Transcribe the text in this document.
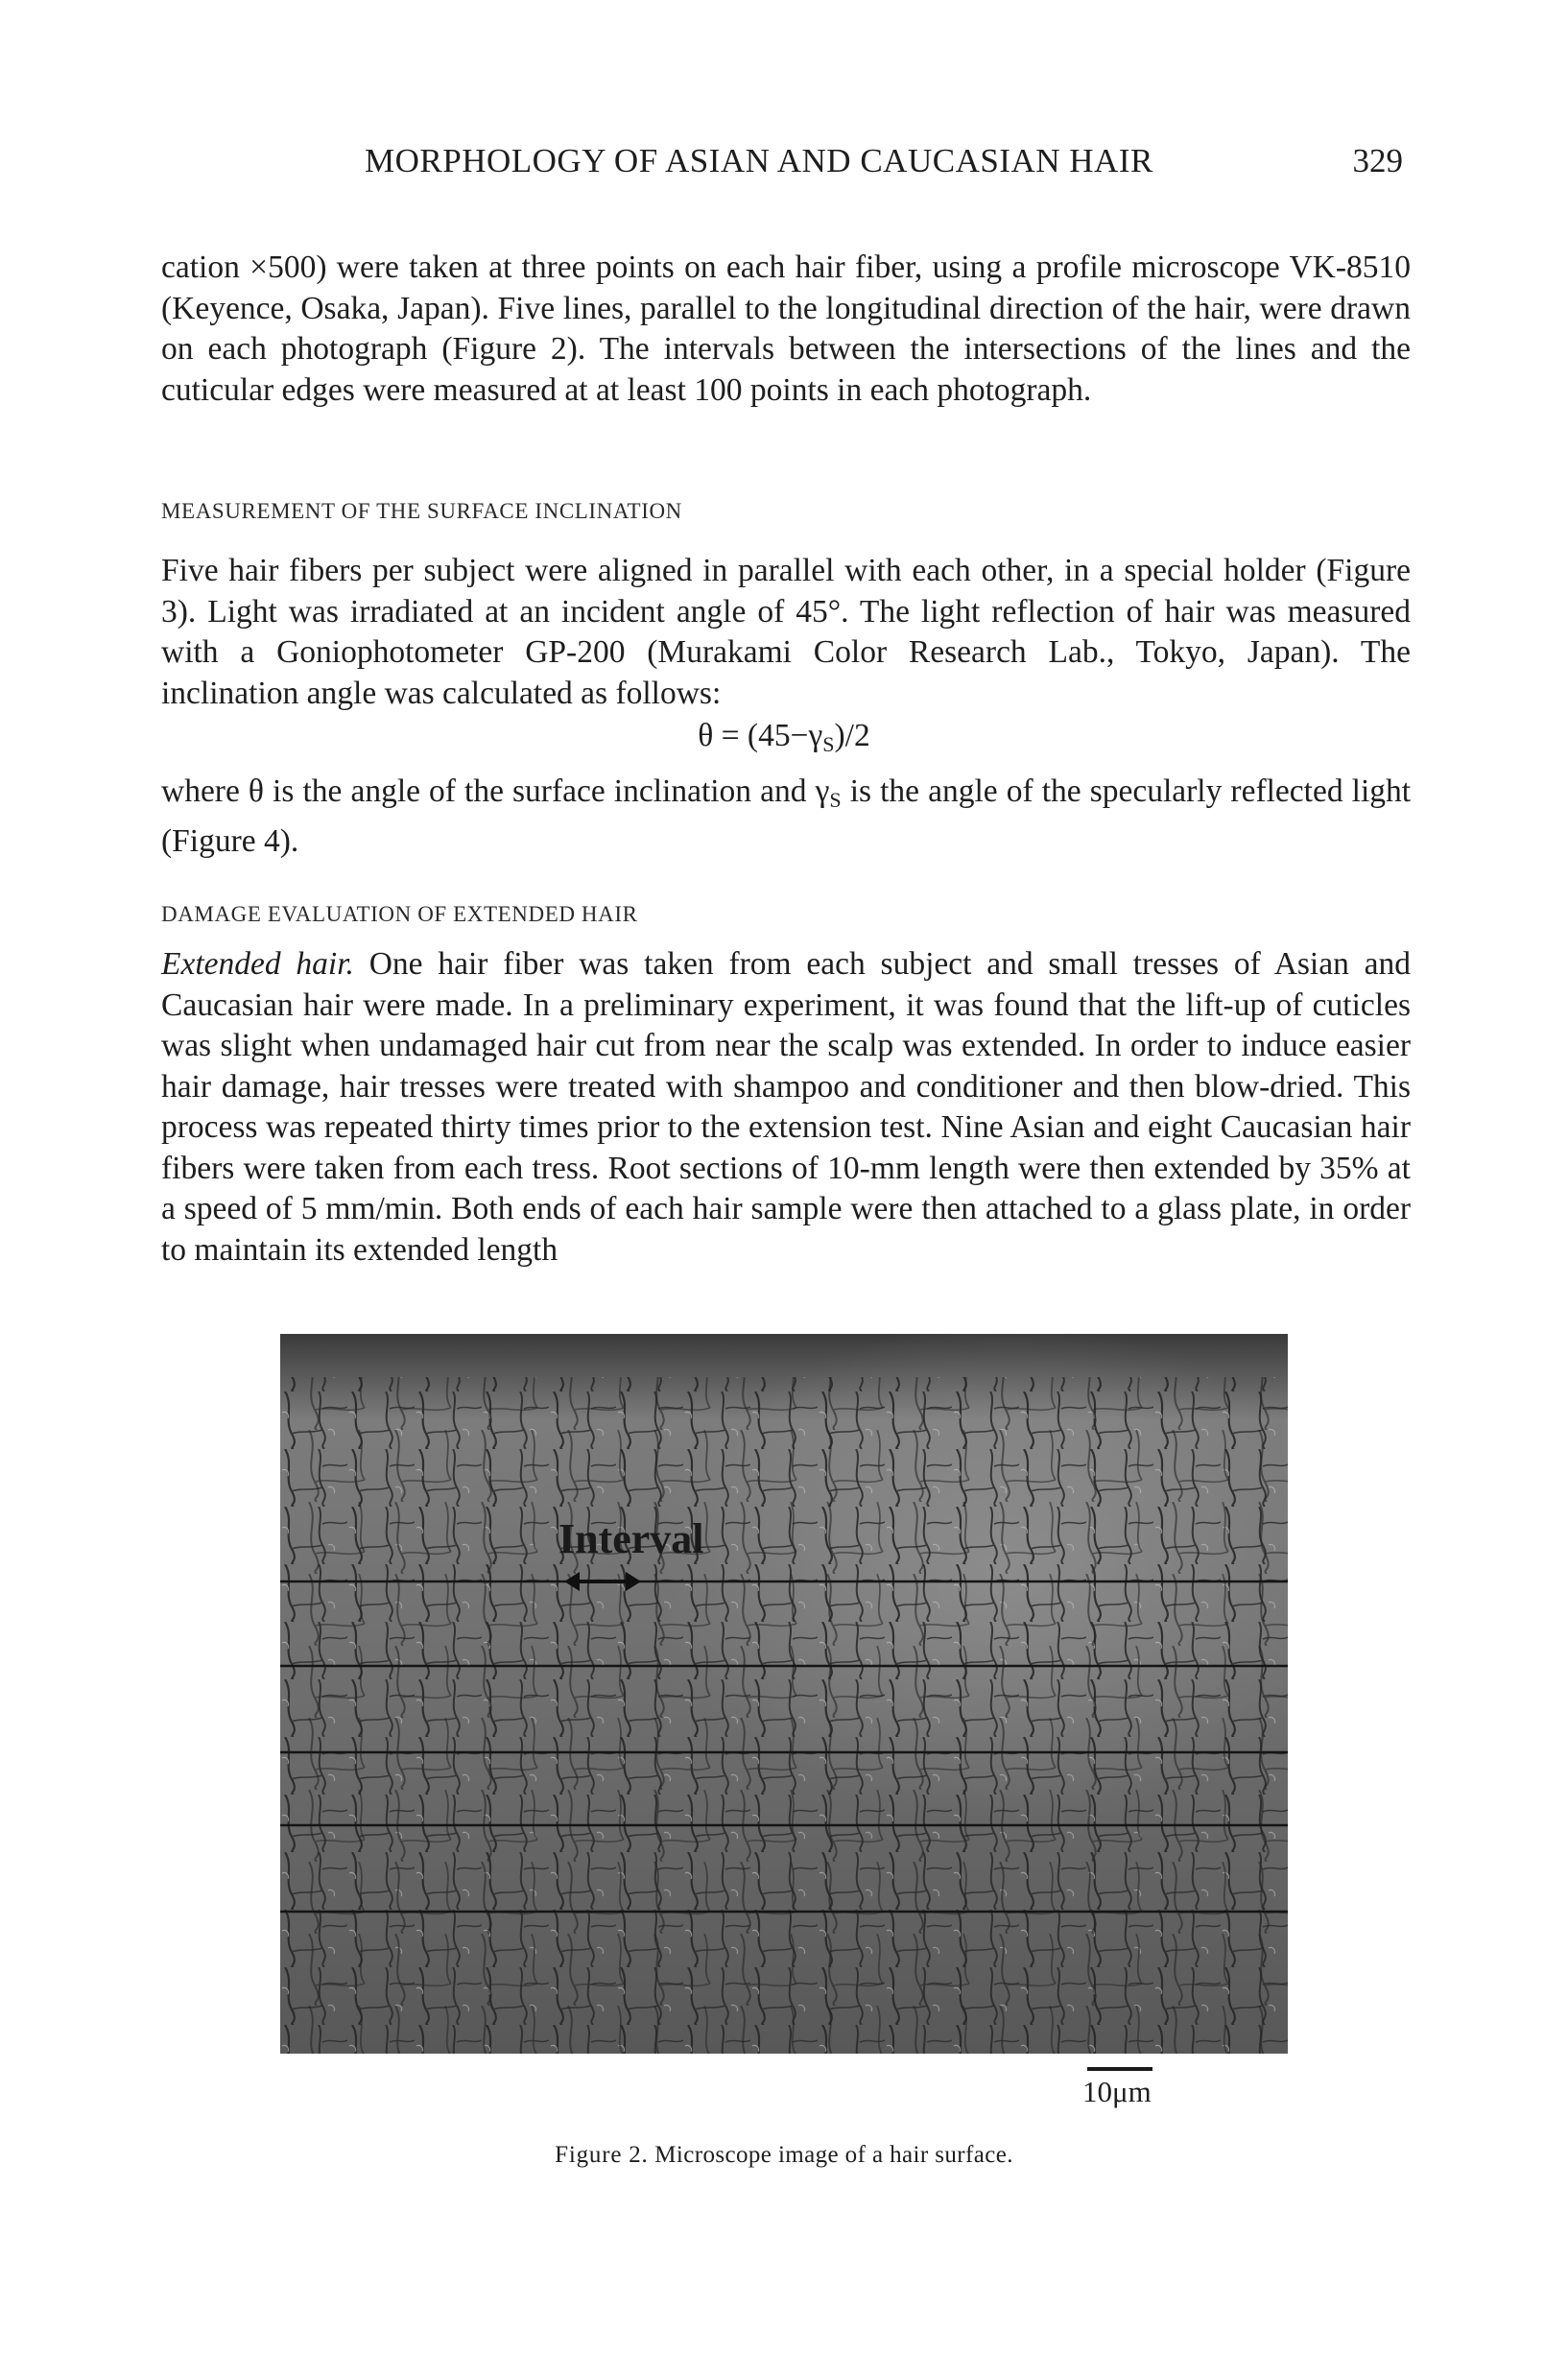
MORPHOLOGY OF ASIAN AND CAUCASIAN HAIR	329

cation ×500) were taken at three points on each hair fiber, using a profile microscope VK-8510 (Keyence, Osaka, Japan). Five lines, parallel to the longitudinal direction of the hair, were drawn on each photograph (Figure 2). The intervals between the intersections of the lines and the cuticular edges were measured at at least 100 points in each photograph.

MEASUREMENT OF THE SURFACE INCLINATION

Five hair fibers per subject were aligned in parallel with each other, in a special holder (Figure 3). Light was irradiated at an incident angle of 45°. The light reflection of hair was measured with a Goniophotometer GP-200 (Murakami Color Research Lab., Tokyo, Japan). The inclination angle was calculated as follows:

$\theta = (45-\gamma_S)/2$

where θ is the angle of the surface inclination and $\gamma_S$ is the angle of the specularly reflected light (Figure 4).

DAMAGE EVALUATION OF EXTENDED HAIR

Extended hair. One hair fiber was taken from each subject and small tresses of Asian and Caucasian hair were made. In a preliminary experiment, it was found that the lift-up of cuticles was slight when undamaged hair cut from near the scalp was extended. In order to induce easier hair damage, hair tresses were treated with shampoo and conditioner and then blow-dried. This process was repeated thirty times prior to the extension test. Nine Asian and eight Caucasian hair fibers were taken from each tress. Root sections of 10-mm length were then extended by 35% at a speed of 5 mm/min. Both ends of each hair sample were then attached to a glass plate, in order to maintain its extended length

Interval
10μm
Figure 2. Microscope image of a hair surface.
